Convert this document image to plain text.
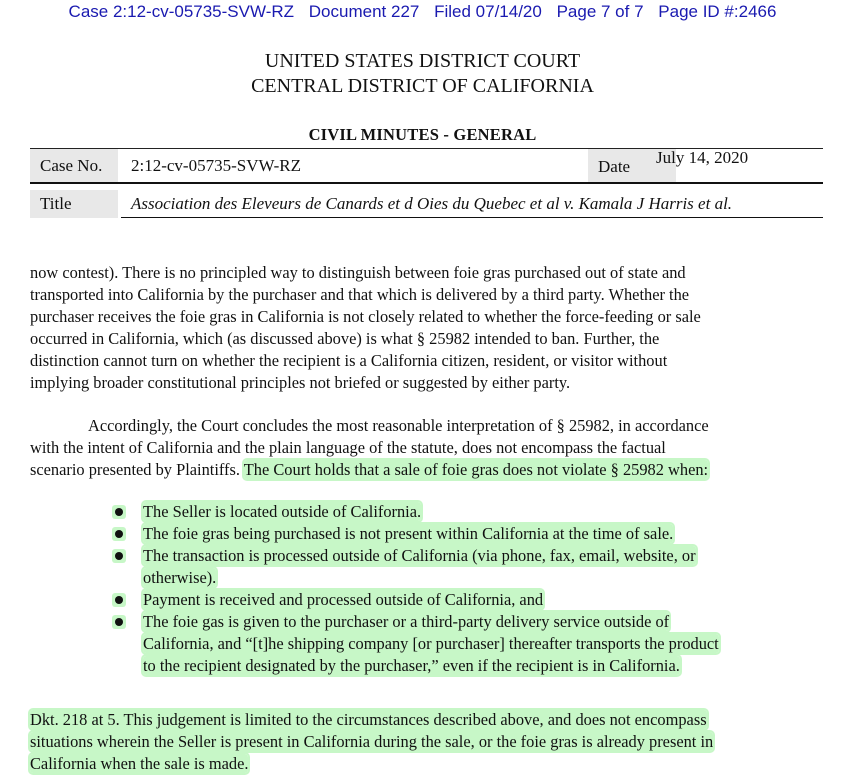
Case 2:12-cv-05735-SVW-RZ Document 227 Filed 07/14/20 Page 7 of 7 Page ID #:2466
UNITED STATES DISTRICT COURT
CENTRAL DISTRICT OF CALIFORNIA
CIVIL MINUTES - GENERAL
Case No. 2:12-cv-05735-SVW-RZ	Date July 14, 2020
Title	Association des Eleveurs de Canards et d Oies du Quebec et al v. Kamala J Harris et al.
now contest). There is no principled way to distinguish between foie gras purchased out of state and
transported into California by the purchaser and that which is delivered by a third party. Whether the
purchaser receives the foie gras in California is not closely related to whether the force-feeding or sale
occurred in California, which (as discussed above) is what § 25982 intended to ban. Further, the
distinction cannot turn on whether the recipient is a California citizen, resident, or visitor without
implying broader constitutional principles not briefed or suggested by either party.
Accordingly, the Court concludes the most reasonable interpretation of § 25982, in accordance
with the intent of California and the plain language of the statute, does not encompass the factual
scenario presented by Plaintiffs. The Court holds that a sale of foie gras does not violate § 25982 when:
The Seller is located outside of California.
The foie gras being purchased is not present within California at the time of sale.
The transaction is processed outside of California (via phone, fax, email, website, or
otherwise).
Payment is received and processed outside of California, and
The foie gas is given to the purchaser or a third-party delivery service outside of
California, and “[t]he shipping company [or purchaser] thereafter transports the product
to the recipient designated by the purchaser,” even if the recipient is in California.
Dkt. 218 at 5. This judgement is limited to the circumstances described above, and does not encompass
situations wherein the Seller is present in California during the sale, or the foie gras is already present in
California when the sale is made.
